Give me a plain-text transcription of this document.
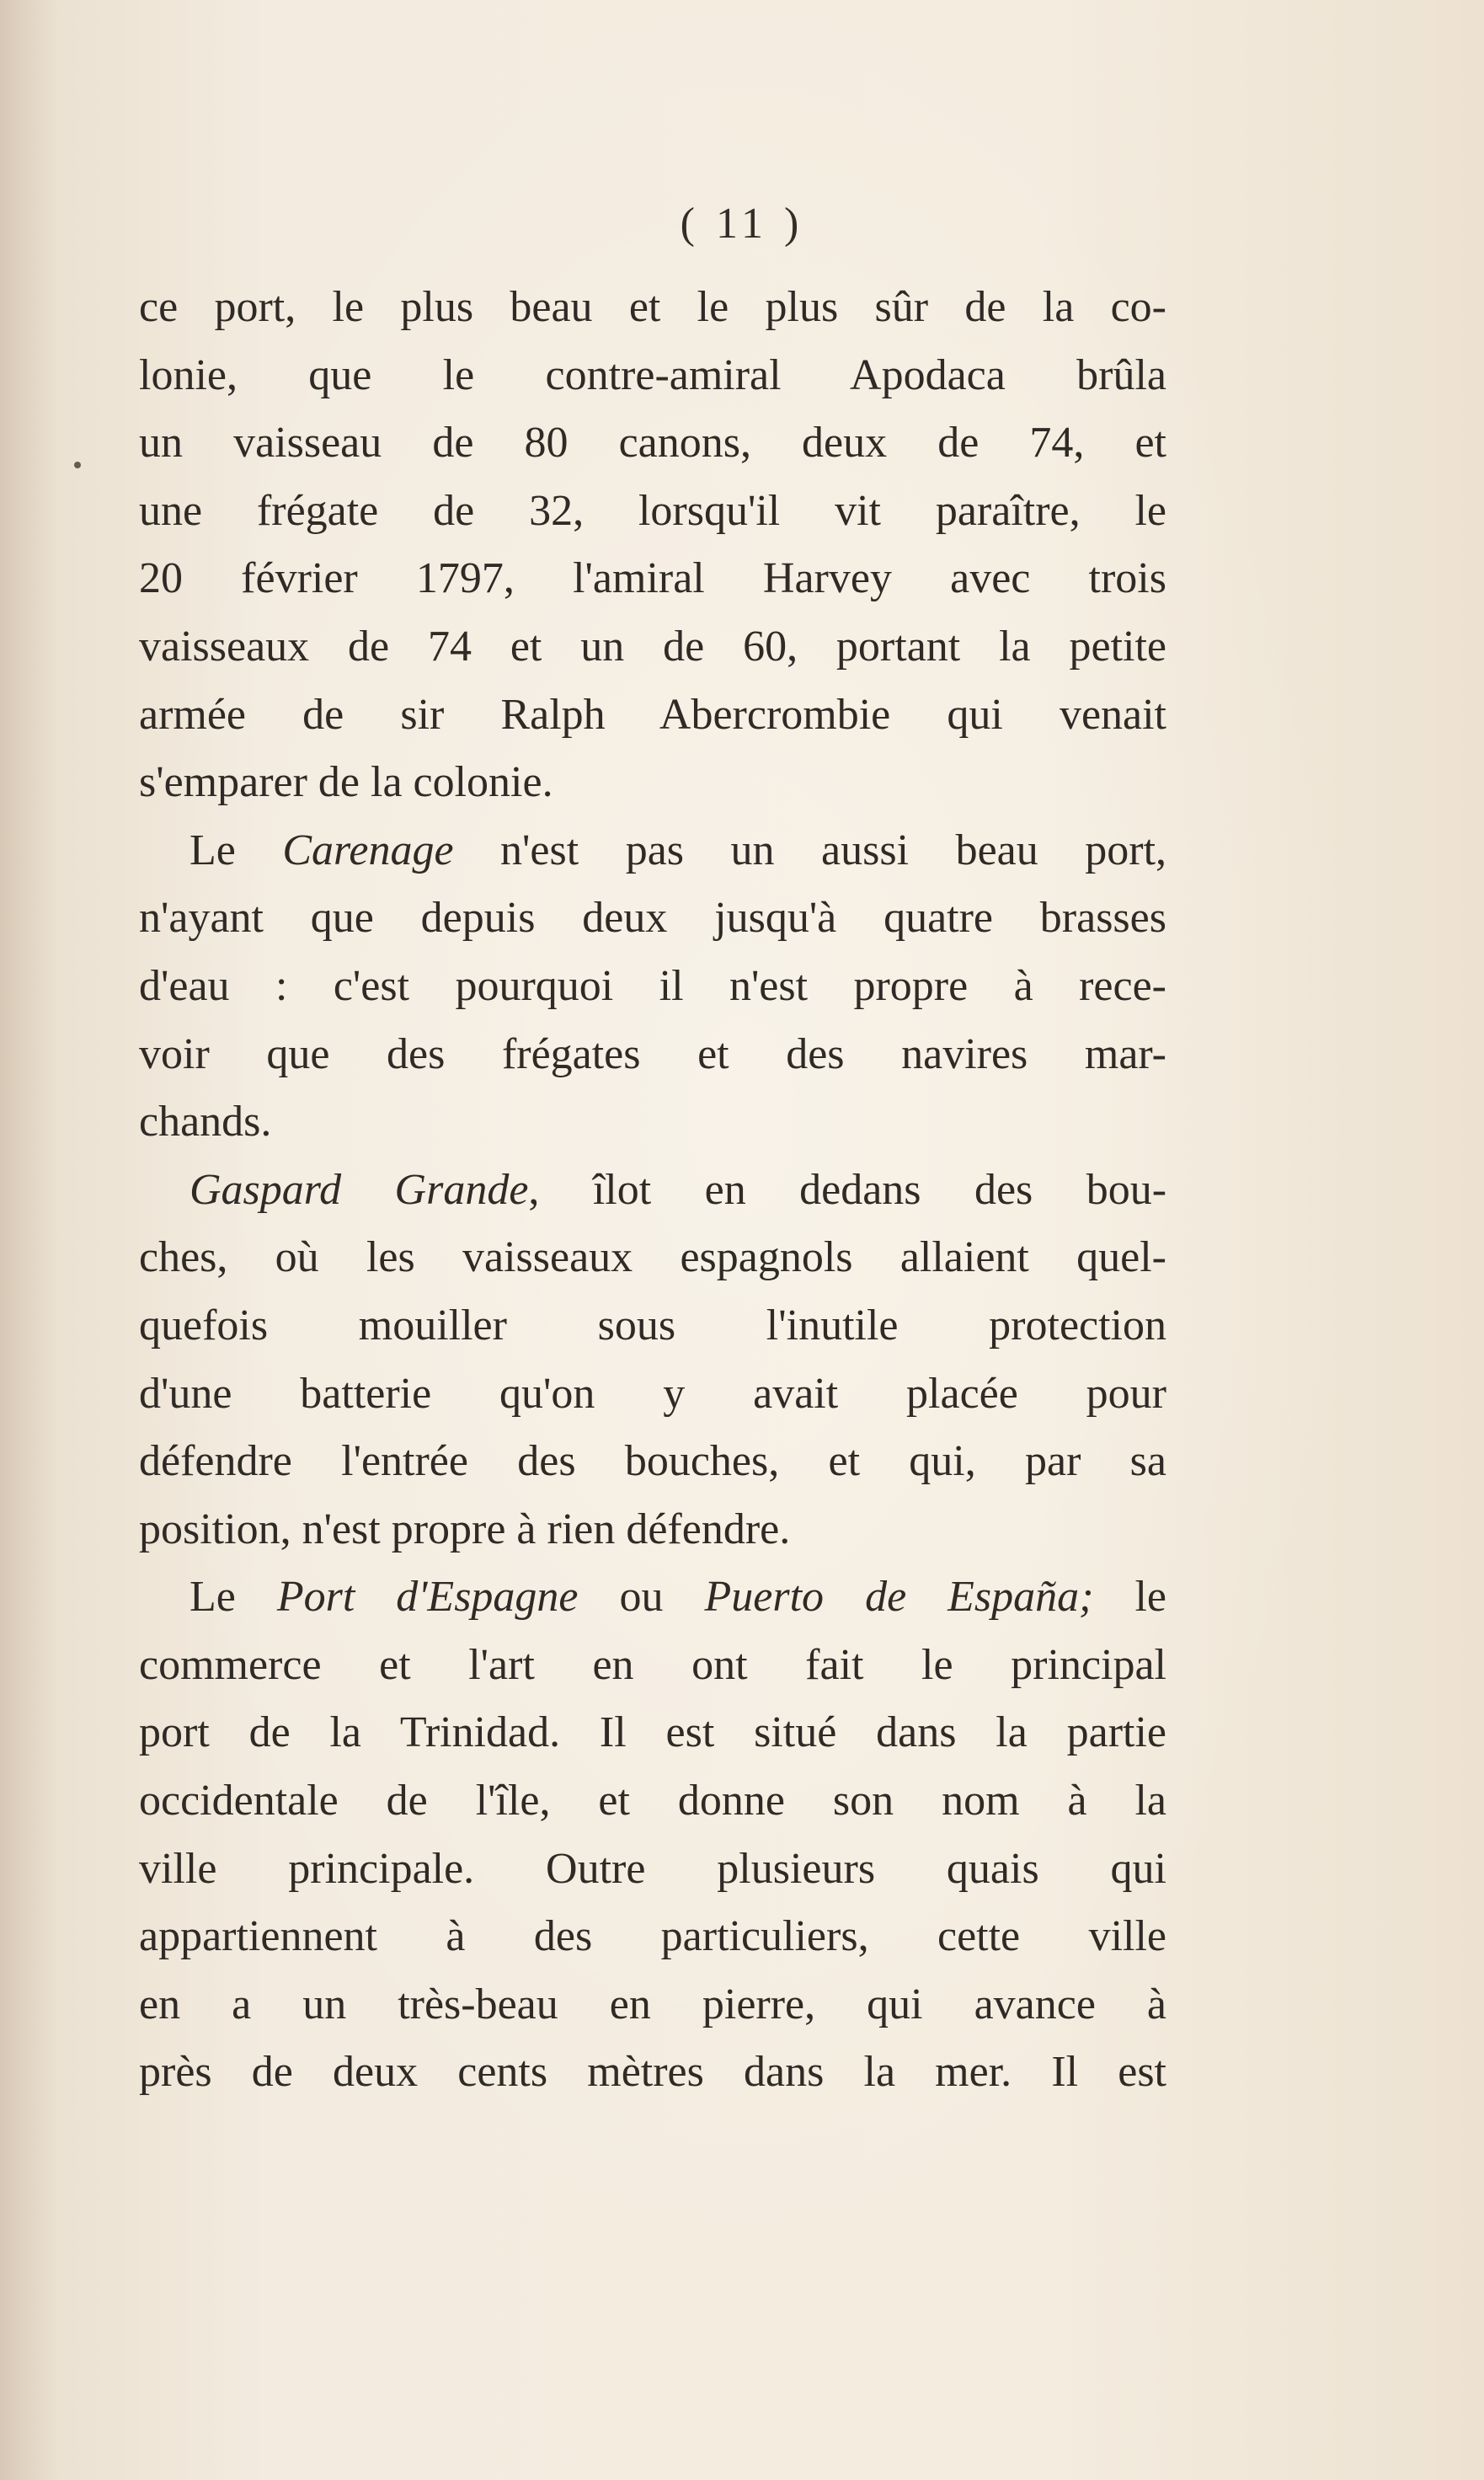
( 11 )
ce port, le plus beau et le plus sûr de la co-
lonie, que le contre-amiral Apodaca brûla
un vaisseau de 80 canons, deux de 74, et
une frégate de 32, lorsqu'il vit paraître, le
20 février 1797, l'amiral Harvey avec trois
vaisseaux de 74 et un de 60, portant la petite
armée de sir Ralph Abercrombie qui venait
s'emparer de la colonie.
Le Carenage n'est pas un aussi beau port,
n'ayant que depuis deux jusqu'à quatre brasses
d'eau : c'est pourquoi il n'est propre à rece-
voir que des frégates et des navires mar-
chands.
Gaspard Grande, îlot en dedans des bou-
ches, où les vaisseaux espagnols allaient quel-
quefois mouiller sous l'inutile protection
d'une batterie qu'on y avait placée pour
défendre l'entrée des bouches, et qui, par sa
position, n'est propre à rien défendre.
Le Port d'Espagne ou Puerto de España; le
commerce et l'art en ont fait le principal
port de la Trinidad. Il est situé dans la partie
occidentale de l'île, et donne son nom à la
ville principale. Outre plusieurs quais qui
appartiennent à des particuliers, cette ville
en a un très-beau en pierre, qui avance à
près de deux cents mètres dans la mer. Il est
